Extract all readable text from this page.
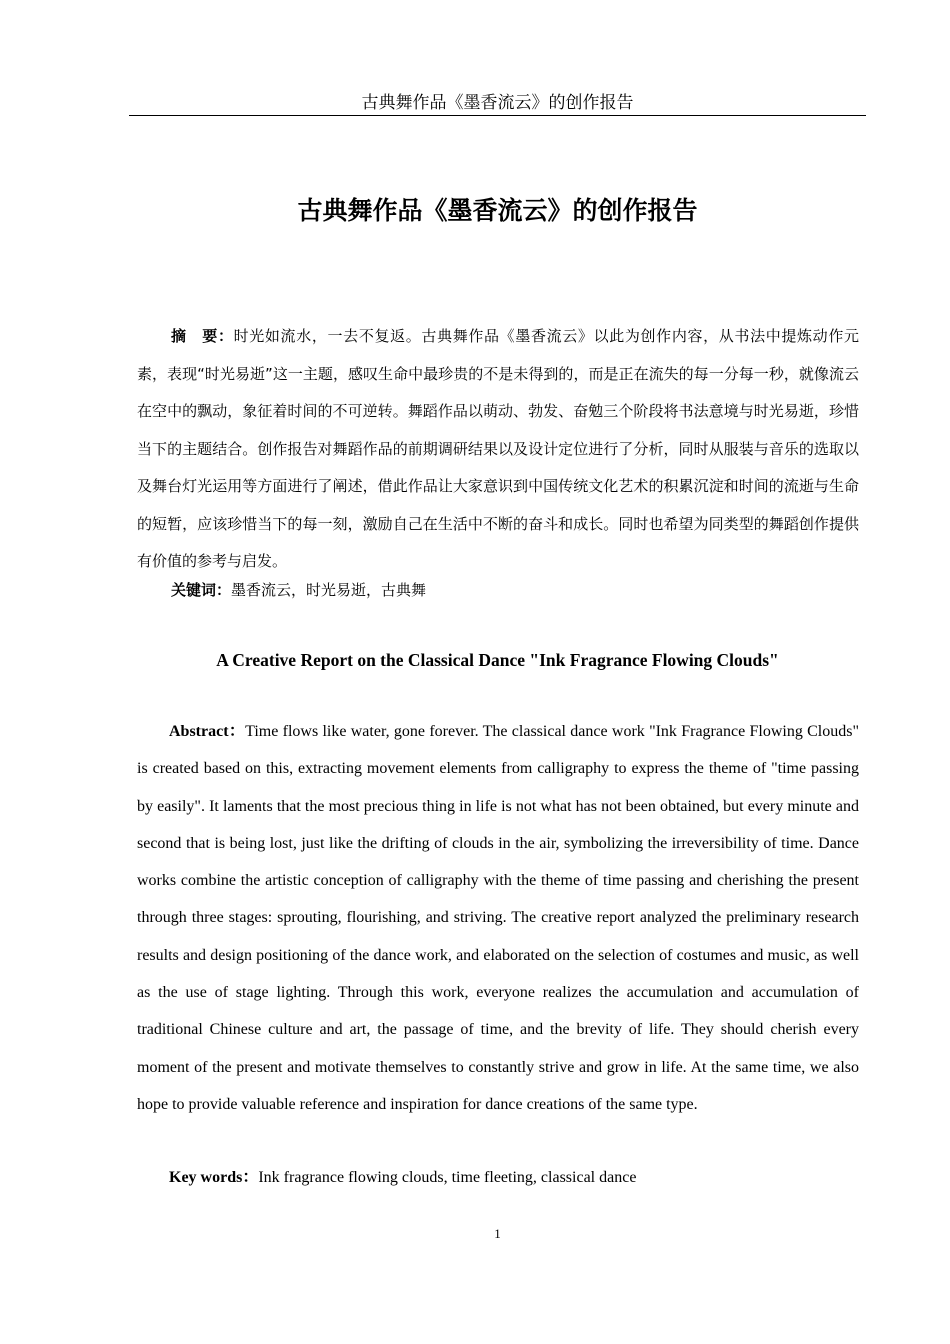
古典舞作品《墨香流云》的创作报告
古典舞作品《墨香流云》的创作报告

摘　要：时光如流水，一去不复返。古典舞作品《墨香流云》以此为创作内容，从书法中提炼动作元素，表现“时光易逝”这一主题，感叹生命中最珍贵的不是未得到的，而是正在流失的每一分每一秒，就像流云在空中的飘动，象征着时间的不可逆转。舞蹈作品以萌动、勃发、奋勉三个阶段将书法意境与时光易逝，珍惜当下的主题结合。创作报告对舞蹈作品的前期调研结果以及设计定位进行了分析，同时从服装与音乐的选取以及舞台灯光运用等方面进行了阐述，借此作品让大家意识到中国传统文化艺术的积累沉淀和时间的流逝与生命的短暂，应该珍惜当下的每一刻，激励自己在生活中不断的奋斗和成长。同时也希望为同类型的舞蹈创作提供有价值的参考与启发。

关键词：墨香流云，时光易逝，古典舞

A Creative Report on the Classical Dance "Ink Fragrance Flowing Clouds"

Abstract：Time flows like water, gone forever. The classical dance work "Ink Fragrance Flowing Clouds" is created based on this, extracting movement elements from calligraphy to express the theme of "time passing by easily". It laments that the most precious thing in life is not what has not been obtained, but every minute and second that is being lost, just like the drifting of clouds in the air, symbolizing the irreversibility of time. Dance works combine the artistic conception of calligraphy with the theme of time passing and cherishing the present through three stages: sprouting, flourishing, and striving. The creative report analyzed the preliminary research results and design positioning of the dance work, and elaborated on the selection of costumes and music, as well as the use of stage lighting. Through this work, everyone realizes the accumulation and accumulation of traditional Chinese culture and art, the passage of time, and the brevity of life. They should cherish every moment of the present and motivate themselves to constantly strive and grow in life. At the same time, we also hope to provide valuable reference and inspiration for dance creations of the same type.

Key words：Ink fragrance flowing clouds, time fleeting, classical dance

1
